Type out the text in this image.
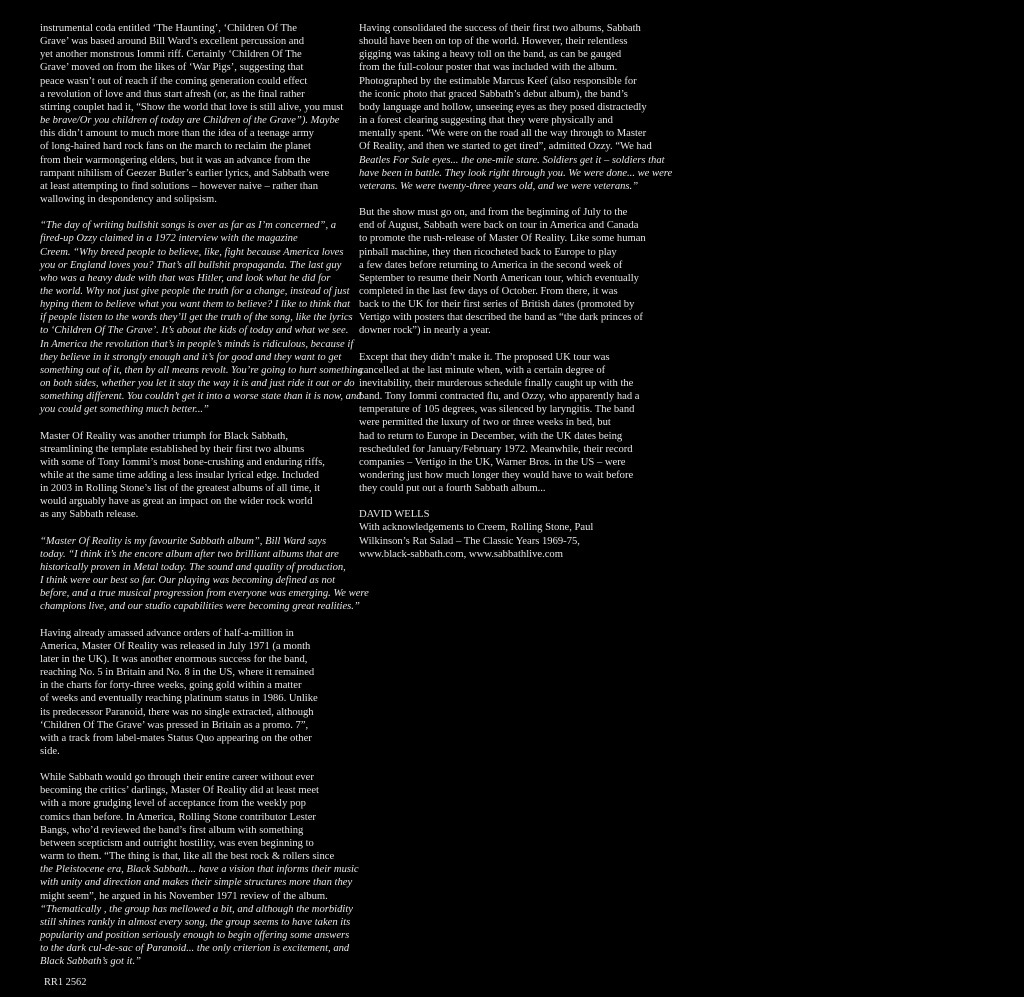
instrumental coda entitled ‘The Haunting’, ‘Children Of The
Grave’ was based around Bill Ward’s excellent percussion and
yet another monstrous Iommi riff. Certainly ‘Children Of The
Grave’ moved on from the likes of ‘War Pigs’, suggesting that
peace wasn’t out of reach if the coming generation could effect
a revolution of love and thus start afresh (or, as the final rather
stirring couplet had it, “Show the world that love is still alive, you must
be brave/Or you children of today are Children of the Grave”). Maybe
this didn’t amount to much more than the idea of a teenage army
of long-haired hard rock fans on the march to reclaim the planet
from their warmongering elders, but it was an advance from the
rampant nihilism of Geezer Butler’s earlier lyrics, and Sabbath were
at least attempting to find solutions – however naive – rather than
wallowing in despondency and solipsism.
“The day of writing bullshit songs is over as far as I’m concerned”, a
fired-up Ozzy claimed in a 1972 interview with the magazine
Creem. “Why breed people to believe, like, fight because America loves
you or England loves you? That’s all bullshit propaganda. The last guy
who was a heavy dude with that was Hitler, and look what he did for
the world. Why not just give people the truth for a change, instead of just
hyping them to believe what you want them to believe? I like to think that
if people listen to the words they’ll get the truth of the song, like the lyrics
to ‘Children Of The Grave’. It’s about the kids of today and what we see.
In America the revolution that’s in people’s minds is ridiculous, because if
they believe in it strongly enough and it’s for good and they want to get
something out of it, then by all means revolt. You’re going to hurt something
on both sides, whether you let it stay the way it is and just ride it out or do
something different. You couldn’t get it into a worse state than it is now, and
you could get something much better...”
Master Of Reality was another triumph for Black Sabbath,
streamlining the template established by their first two albums
with some of Tony Iommi’s most bone-crushing and enduring riffs,
while at the same time adding a less insular lyrical edge. Included
in 2003 in Rolling Stone’s list of the greatest albums of all time, it
would arguably have as great an impact on the wider rock world
as any Sabbath release.
“Master Of Reality is my favourite Sabbath album”, Bill Ward says
today. “I think it’s the encore album after two brilliant albums that are
historically proven in Metal today. The sound and quality of production,
I think were our best so far. Our playing was becoming defined as not
before, and a true musical progression from everyone was emerging. We were
champions live, and our studio capabilities were becoming great realities.”
Having already amassed advance orders of half-a-million in
America, Master Of Reality was released in July 1971 (a month
later in the UK). It was another enormous success for the band,
reaching No. 5 in Britain and No. 8 in the US, where it remained
in the charts for forty-three weeks, going gold within a matter
of weeks and eventually reaching platinum status in 1986. Unlike
its predecessor Paranoid, there was no single extracted, although
‘Children Of The Grave’ was pressed in Britain as a promo. 7”,
with a track from label-mates Status Quo appearing on the other
side.
While Sabbath would go through their entire career without ever
becoming the critics’ darlings, Master Of Reality did at least meet
with a more grudging level of acceptance from the weekly pop
comics than before. In America, Rolling Stone contributor Lester
Bangs, who’d reviewed the band’s first album with something
between scepticism and outright hostility, was even beginning to
warm to them. “The thing is that, like all the best rock & rollers since
the Pleistocene era, Black Sabbath... have a vision that informs their music
with unity and direction and makes their simple structures more than they
might seem”, he argued in his November 1971 review of the album.
“Thematically , the group has mellowed a bit, and although the morbidity
still shines rankly in almost every song, the group seems to have taken its
popularity and position seriously enough to begin offering some answers
to the dark cul-de-sac of Paranoid... the only criterion is excitement, and
Black Sabbath’s got it.”
Having consolidated the success of their first two albums, Sabbath
should have been on top of the world. However, their relentless
gigging was taking a heavy toll on the band, as can be gauged
from the full-colour poster that was included with the album.
Photographed by the estimable Marcus Keef (also responsible for
the iconic photo that graced Sabbath’s debut album), the band’s
body language and hollow, unseeing eyes as they posed distractedly
in a forest clearing suggesting that they were physically and
mentally spent. “We were on the road all the way through to Master
Of Reality, and then we started to get tired”, admitted Ozzy. “We had
Beatles For Sale eyes... the one-mile stare. Soldiers get it – soldiers that
have been in battle. They look right through you. We were done... we were
veterans. We were twenty-three years old, and we were veterans.”
But the show must go on, and from the beginning of July to the
end of August, Sabbath were back on tour in America and Canada
to promote the rush-release of Master Of Reality. Like some human
pinball machine, they then ricocheted back to Europe to play
a few dates before returning to America in the second week of
September to resume their North American tour, which eventually
completed in the last few days of October. From there, it was
back to the UK for their first series of British dates (promoted by
Vertigo with posters that described the band as “the dark princes of
downer rock”) in nearly a year.
Except that they didn’t make it. The proposed UK tour was
cancelled at the last minute when, with a certain degree of
inevitability, their murderous schedule finally caught up with the
band. Tony Iommi contracted flu, and Ozzy, who apparently had a
temperature of 105 degrees, was silenced by laryngitis. The band
were permitted the luxury of two or three weeks in bed, but
had to return to Europe in December, with the UK dates being
rescheduled for January/February 1972. Meanwhile, their record
companies – Vertigo in the UK, Warner Bros. in the US – were
wondering just how much longer they would have to wait before
they could put out a fourth Sabbath album...
DAVID WELLS
With acknowledgements to Creem, Rolling Stone, Paul
Wilkinson’s Rat Salad – The Classic Years 1969-75,
www.black-sabbath.com, www.sabbathlive.com
RR1 2562
